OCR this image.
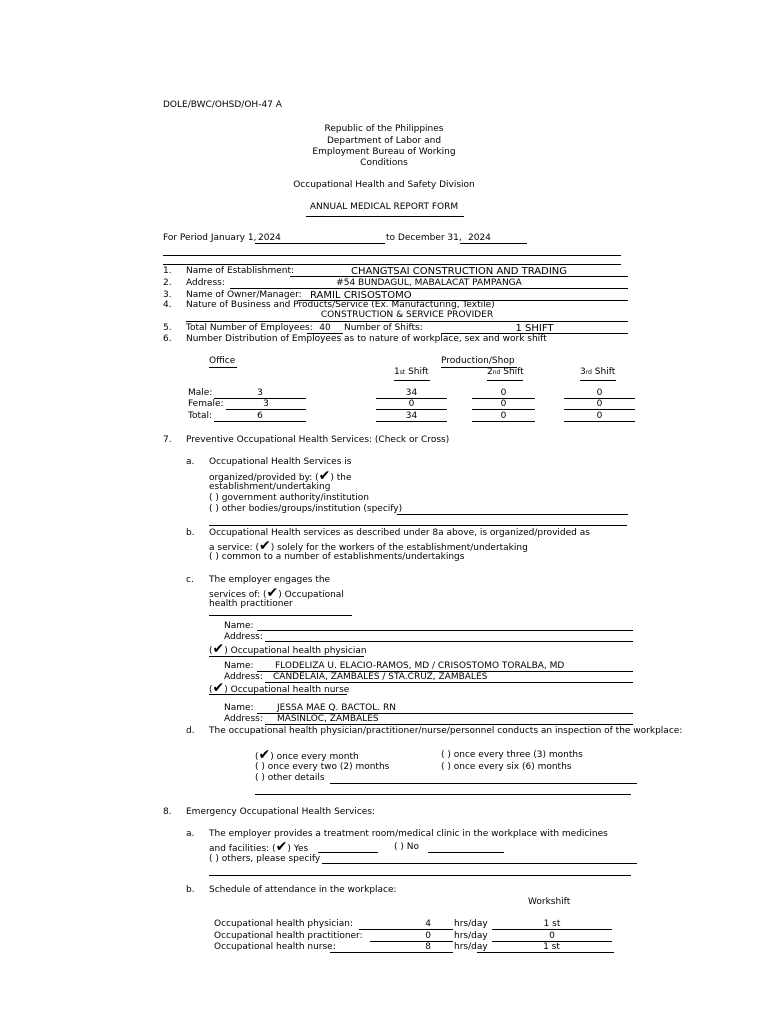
DOLE/BWC/OHSD/OH-47 A
Republic of the Philippines
Department of Labor and
Employment Bureau of Working
Conditions
Occupational Health and Safety Division
ANNUAL MEDICAL REPORT FORM
For Period January 1, 2024	to December 31, 2024
1. Name of Establishment:	CHANGTSAI CONSTRUCTION AND TRADING
2. Address:	#54 BUNDAGUL, MABALACAT PAMPANGA
3. Name of Owner/Manager: RAMIL CRISOSTOMO
4. Nature of Business and Products/Service (Ex. Manufacturing, Textile)
CONSTRUCTION & SERVICE PROVIDER
5. Total Number of Employees: 40	Number of Shifts:	1 SHIFT
6. Number Distribution of Employees as to nature of workplace, sex and work shift
Office	Production/Shop
1st Shift	2nd Shift	3rd Shift
Male:	3	34	0	0
Female:	3	0	0	0
Total:	6	34	0	0
7. Preventive Occupational Health Services: (Check or Cross)
a. Occupational Health Services is
organized/provided by: (✔) the
establishment/undertaking
( ) government authority/institution
( ) other bodies/groups/institution (specify)
b. Occupational Health services as described under 8a above, is organized/provided as
a service: (✔) solely for the workers of the establishment/undertaking
( ) common to a number of establishments/undertakings
c. The employer engages the
services of: (✔) Occupational
health practitioner
Name:
Address:
(✔) Occupational health physician
Name:	FLODELIZA U. ELACIO-RAMOS, MD / CRISOSTOMO TORALBA, MD
Address:	CANDELAIA, ZAMBALES / STA.CRUZ, ZAMBALES
(✔) Occupational health nurse
Name:	JESSA MAE Q. BACTOL. RN
Address:	MASINLOC, ZAMBALES
d. The occupational health physician/practitioner/nurse/personnel conducts an inspection of the workplace:
(✔) once every month
( ) once every two (2) months
( ) other details
( ) once every three (3) months
( ) once every six (6) months
8. Emergency Occupational Health Services:
a. The employer provides a treatment room/medical clinic in the workplace with medicines
and facilities: (✔) Yes	( ) No
( ) others, please specify
b. Schedule of attendance in the workplace:
Workshift
Occupational health physician:	4	hrs/day	1 st
Occupational health practitioner:	0	hrs/day	0
Occupational health nurse:	8	hrs/day	1 st
